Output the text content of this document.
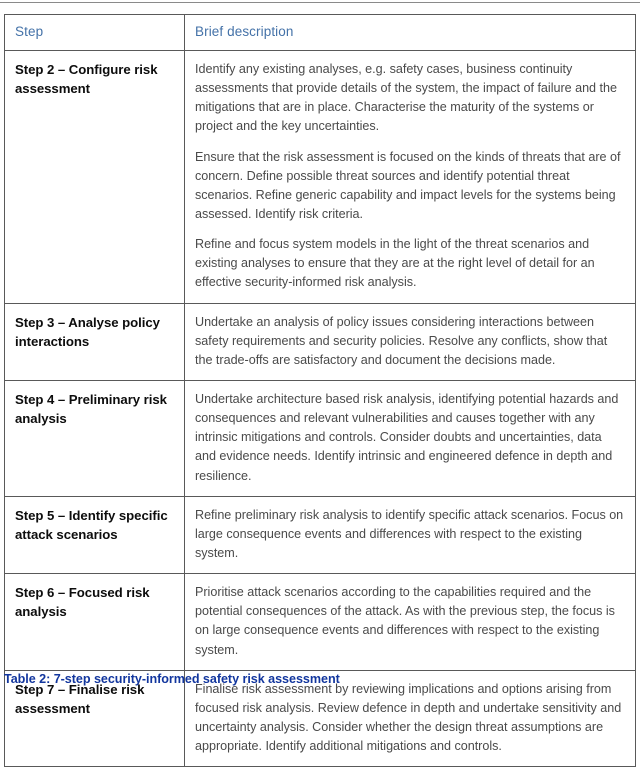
Step	Brief description
Step 2 – Configure risk assessment	Identify any existing analyses, e.g. safety cases, business continuity assessments that provide details of the system, the impact of failure and the mitigations that are in place. Characterise the maturity of the systems or project and the key uncertainties.

Ensure that the risk assessment is focused on the kinds of threats that are of concern. Define possible threat sources and identify potential threat scenarios. Refine generic capability and impact levels for the systems being assessed. Identify risk criteria.

Refine and focus system models in the light of the threat scenarios and existing analyses to ensure that they are at the right level of detail for an effective security-informed risk analysis.

Step 3 – Analyse policy interactions	Undertake an analysis of policy issues considering interactions between safety requirements and security policies. Resolve any conflicts, show that the trade-offs are satisfactory and document the decisions made.

Step 4 – Preliminary risk analysis	Undertake architecture based risk analysis, identifying potential hazards and consequences and relevant vulnerabilities and causes together with any intrinsic mitigations and controls. Consider doubts and uncertainties, data and evidence needs. Identify intrinsic and engineered defence in depth and resilience.

Step 5 – Identify specific attack scenarios	Refine preliminary risk analysis to identify specific attack scenarios. Focus on large consequence events and differences with respect to the existing system.

Step 6 – Focused risk analysis	Prioritise attack scenarios according to the capabilities required and the potential consequences of the attack. As with the previous step, the focus is on large consequence events and differences with respect to the existing system.

Step 7 – Finalise risk assessment	Finalise risk assessment by reviewing implications and options arising from focused risk analysis. Review defence in depth and undertake sensitivity and uncertainty analysis. Consider whether the design threat assumptions are appropriate. Identify additional mitigations and controls.

Table 2: 7-step security-informed safety risk assessment
